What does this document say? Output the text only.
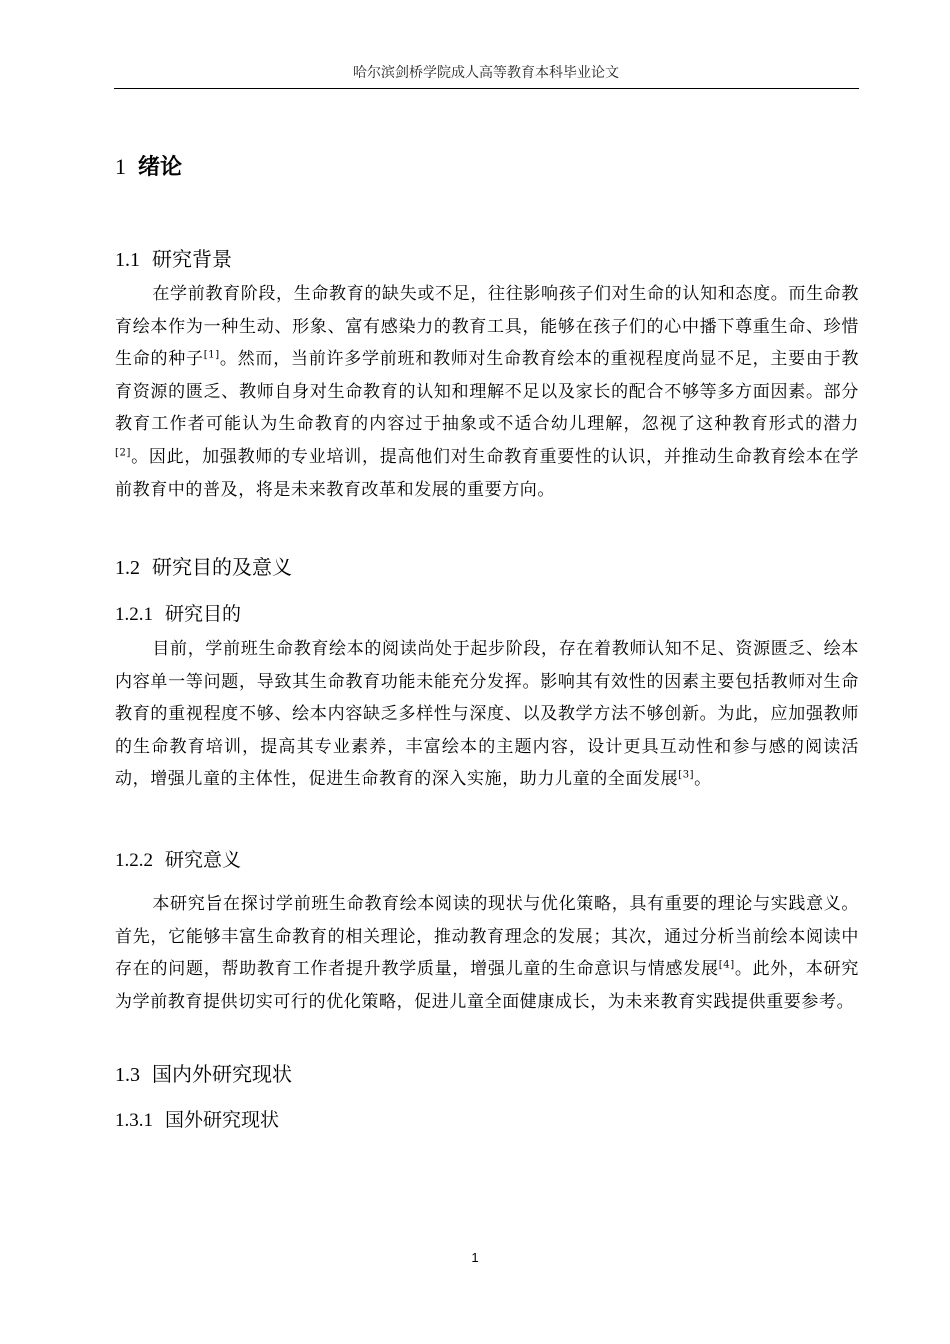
哈尔滨剑桥学院成人高等教育本科毕业论文
1 绪论
1.1 研究背景
在学前教育阶段，生命教育的缺失或不足，往往影响孩子们对生命的认知和态度。而生命教育绘本作为一种生动、形象、富有感染力的教育工具，能够在孩子们的心中播下尊重生命、珍惜生命的种子[1]。然而，当前许多学前班和教师对生命教育绘本的重视程度尚显不足，主要由于教育资源的匮乏、教师自身对生命教育的认知和理解不足以及家长的配合不够等多方面因素。部分教育工作者可能认为生命教育的内容过于抽象或不适合幼儿理解，忽视了这种教育形式的潜力[2]。因此，加强教师的专业培训，提高他们对生命教育重要性的认识，并推动生命教育绘本在学前教育中的普及，将是未来教育改革和发展的重要方向。
1.2 研究目的及意义
1.2.1 研究目的
目前，学前班生命教育绘本的阅读尚处于起步阶段，存在着教师认知不足、资源匮乏、绘本内容单一等问题，导致其生命教育功能未能充分发挥。影响其有效性的因素主要包括教师对生命教育的重视程度不够、绘本内容缺乏多样性与深度、以及教学方法不够创新。为此，应加强教师的生命教育培训，提高其专业素养，丰富绘本的主题内容，设计更具互动性和参与感的阅读活动，增强儿童的主体性，促进生命教育的深入实施，助力儿童的全面发展[3]。
1.2.2 研究意义
本研究旨在探讨学前班生命教育绘本阅读的现状与优化策略，具有重要的理论与实践意义。首先，它能够丰富生命教育的相关理论，推动教育理念的发展；其次，通过分析当前绘本阅读中存在的问题，帮助教育工作者提升教学质量，增强儿童的生命意识与情感发展[4]。此外，本研究为学前教育提供切实可行的优化策略，促进儿童全面健康成长，为未来教育实践提供重要参考。
1.3 国内外研究现状
1.3.1 国外研究现状
1
